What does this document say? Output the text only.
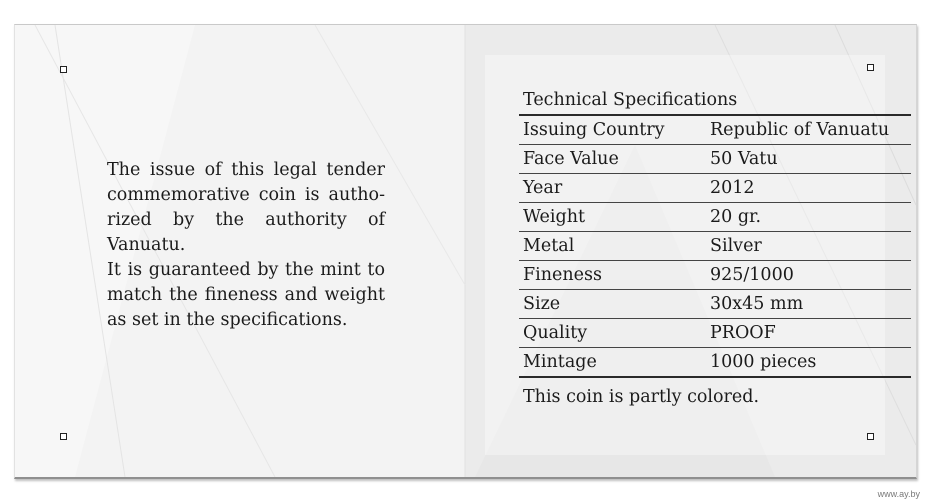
The issue of this legal tender commemorative coin is autho-rized by the authority of Vanuatu.

It is guaranteed by the mint to match the fineness and weight as set in the specifications.

Technical Specifications
Issuing Country	Republic of Vanuatu
Face Value	50 Vatu
Year	2012
Weight	20 gr.
Metal	Silver
Fineness	925/1000
Size	30x45 mm
Quality	PROOF
Mintage	1000 pieces
This coin is partly colored.
www.ay.by
